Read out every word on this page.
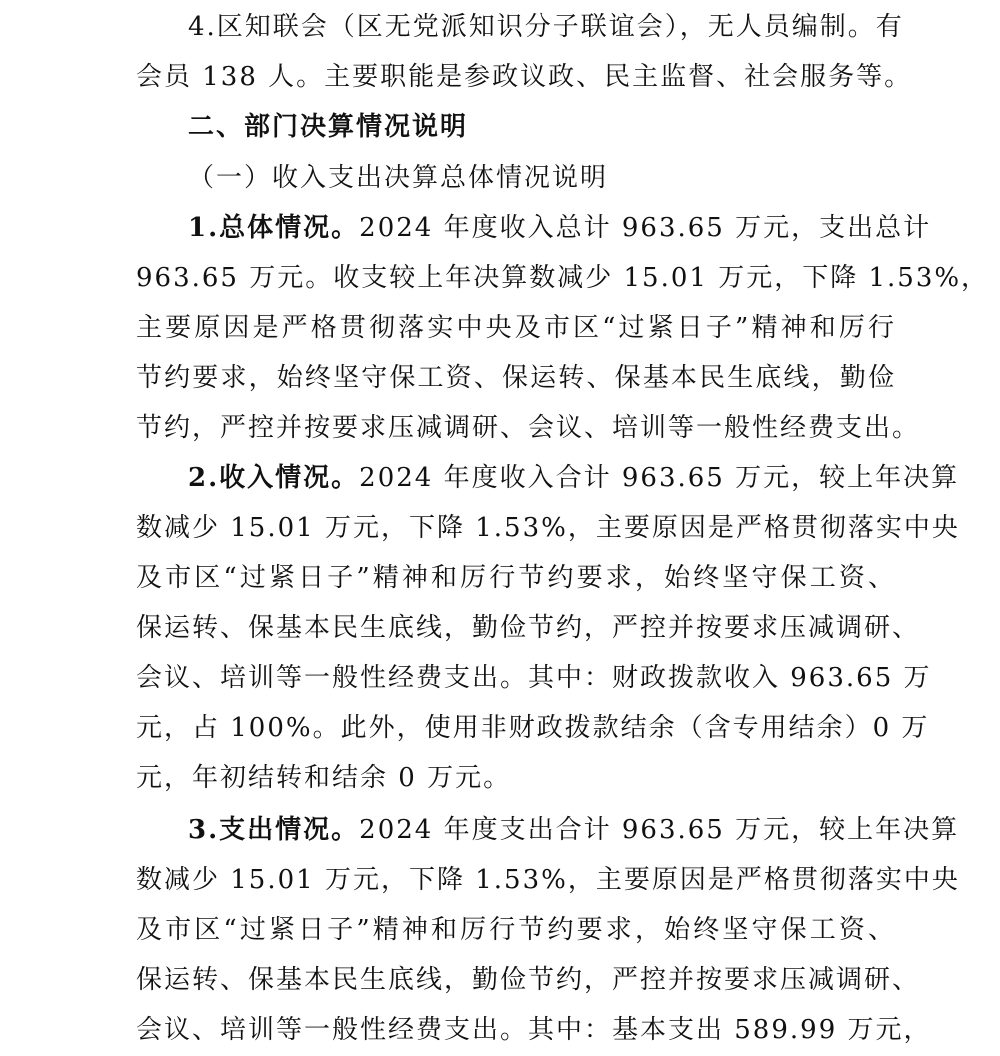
4.区知联会（区无党派知识分子联谊会），无人员编制。有
会员 138 人。主要职能是参政议政、民主监督、社会服务等。
二、部门决算情况说明
（一）收入支出决算总体情况说明
1.总体情况。2024 年度收入总计 963.65 万元，支出总计
963.65 万元。收支较上年决算数减少 15.01 万元，下降 1.53%，
主要原因是严格贯彻落实中央及市区“过紧日子”精神和厉行
节约要求，始终坚守保工资、保运转、保基本民生底线，勤俭
节约，严控并按要求压减调研、会议、培训等一般性经费支出。
2.收入情况。2024 年度收入合计 963.65 万元，较上年决算
数减少 15.01 万元，下降 1.53%，主要原因是严格贯彻落实中央
及市区“过紧日子”精神和厉行节约要求，始终坚守保工资、
保运转、保基本民生底线，勤俭节约，严控并按要求压减调研、
会议、培训等一般性经费支出。其中：财政拨款收入 963.65 万
元，占 100%。此外，使用非财政拨款结余（含专用结余）0 万
元，年初结转和结余 0 万元。
3.支出情况。2024 年度支出合计 963.65 万元，较上年决算
数减少 15.01 万元，下降 1.53%，主要原因是严格贯彻落实中央
及市区“过紧日子”精神和厉行节约要求，始终坚守保工资、
保运转、保基本民生底线，勤俭节约，严控并按要求压减调研、
会议、培训等一般性经费支出。其中：基本支出 589.99 万元，
